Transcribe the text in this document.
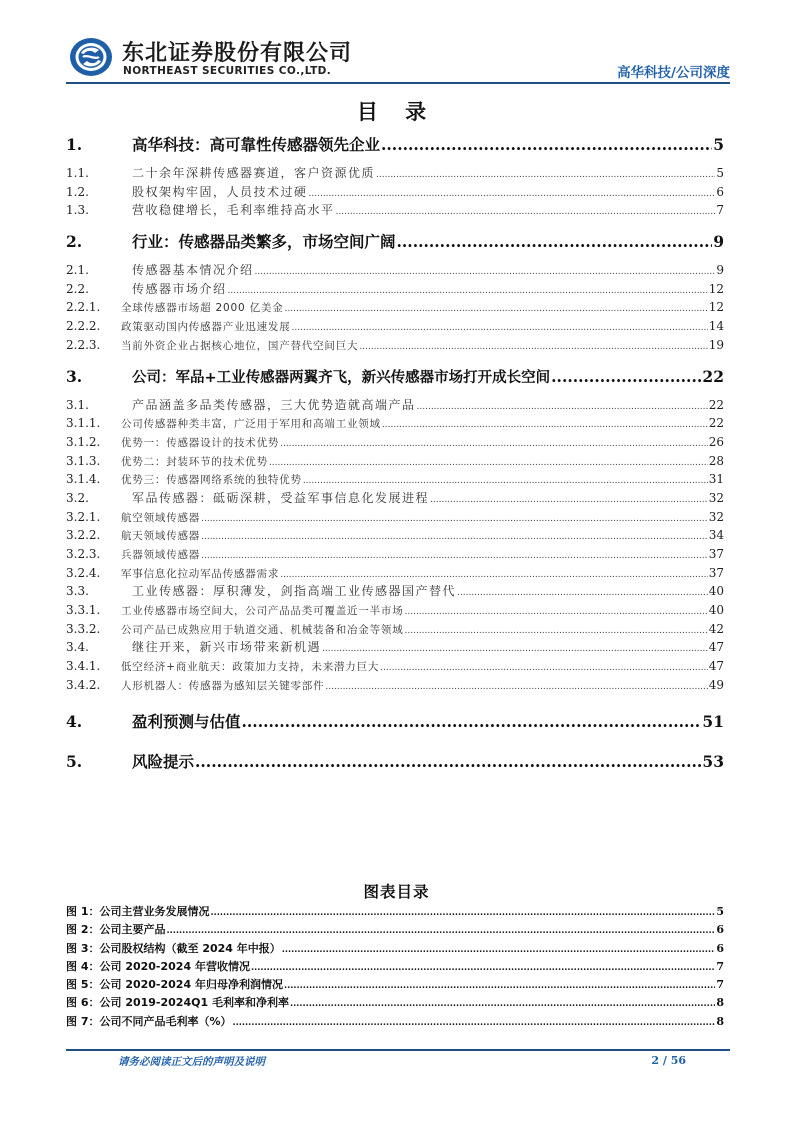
东北证券股份有限公司
NORTHEAST SECURITIES CO.,LTD.	高华科技/公司深度
目 录
1.	高华科技：高可靠性传感器领先企业 .....	5
1.1.	二十余年深耕传感器赛道，客户资源优质 .....	5
1.2.	股权架构牢固，人员技术过硬 .....	6
1.3.	营收稳健增长，毛利率维持高水平 .....	7
2.	行业：传感器品类繁多，市场空间广阔 .....	9
2.1.	传感器基本情况介绍 .....	9
2.2.	传感器市场介绍 .....	12
2.2.1.	全球传感器市场超 2000 亿美金 .....	12
2.2.2.	政策驱动国内传感器产业迅速发展 .....	14
2.2.3.	当前外资企业占据核心地位，国产替代空间巨大 .....	19
3.	公司：军品+工业传感器两翼齐飞，新兴传感器市场打开成长空间 .....	22
3.1.	产品涵盖多品类传感器，三大优势造就高端产品 .....	22
3.1.1.	公司传感器种类丰富，广泛用于军用和高端工业领域 .....	22
3.1.2.	优势一：传感器设计的技术优势 .....	26
3.1.3.	优势二：封装环节的技术优势 .....	28
3.1.4.	优势三：传感器网络系统的独特优势 .....	31
3.2.	军品传感器：砥砺深耕，受益军事信息化发展进程 .....	32
3.2.1.	航空领域传感器 .....	32
3.2.2.	航天领域传感器 .....	34
3.2.3.	兵器领域传感器 .....	37
3.2.4.	军事信息化拉动军品传感器需求 .....	37
3.3.	工业传感器：厚积薄发，剑指高端工业传感器国产替代 .....	40
3.3.1.	工业传感器市场空间大，公司产品品类可覆盖近一半市场 .....	40
3.3.2.	公司产品已成熟应用于轨道交通、机械装备和冶金等领域 .....	42
3.4.	继往开来，新兴市场带来新机遇 .....	47
3.4.1.	低空经济+商业航天：政策加力支持，未来潜力巨大 .....	47
3.4.2.	人形机器人：传感器为感知层关键零部件 .....	49
4.	盈利预测与估值 .....	51
5.	风险提示 .....	53
图表目录
图 1： 公司主营业务发展情况 .....	5
图 2： 公司主要产品 .....	6
图 3： 公司股权结构（截至 2024 年中报） .....	6
图 4： 公司 2020-2024 年营收情况 .....	7
图 5： 公司 2020-2024 年归母净利润情况 .....	7
图 6： 公司 2019-2024Q1 毛利率和净利率 .....	8
图 7： 公司不同产品毛利率（%） .....	8
请务必阅读正文后的声明及说明	2 / 56
